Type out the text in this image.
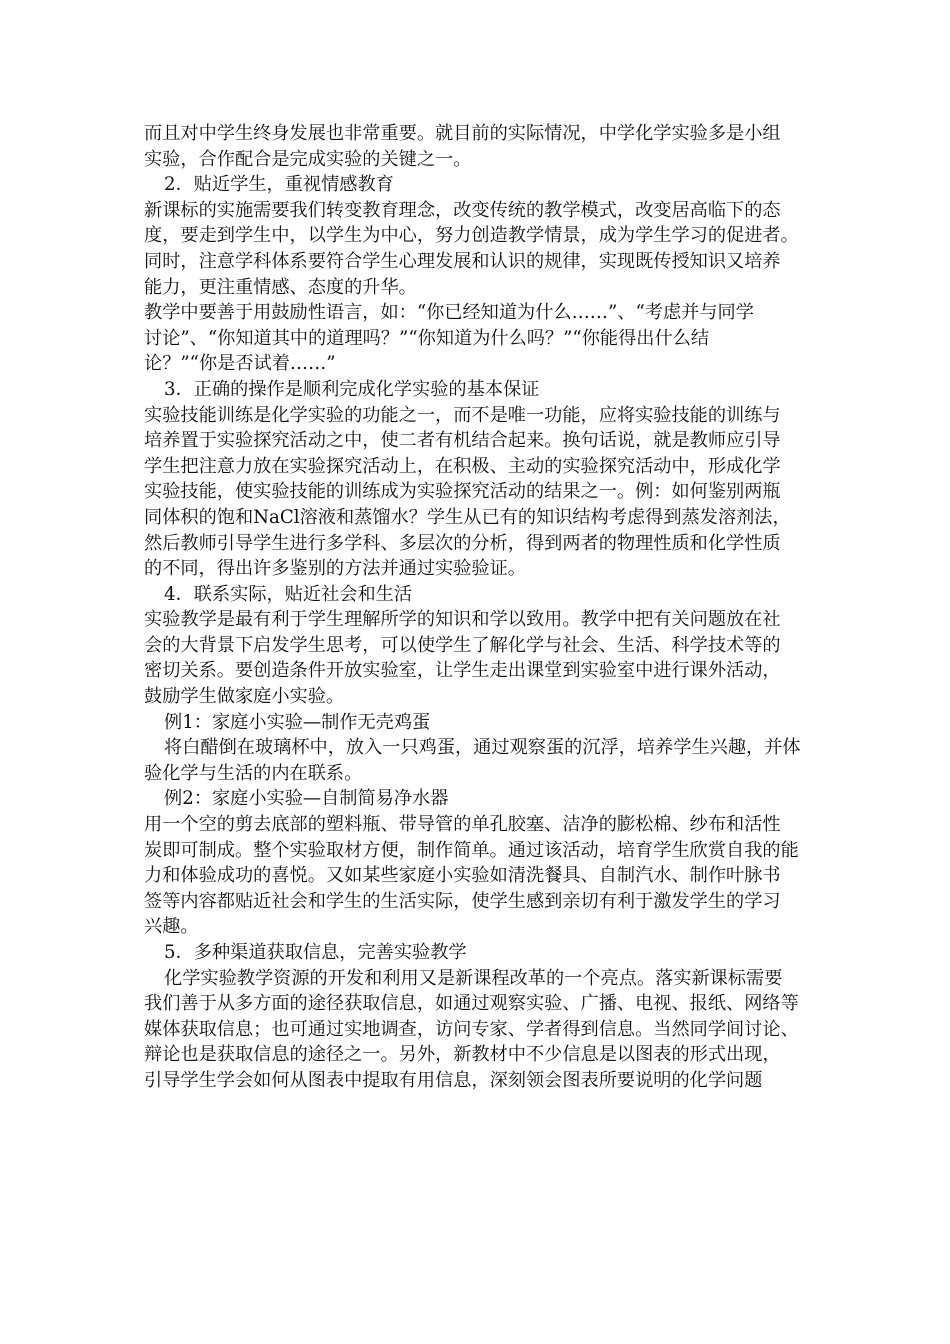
而且对中学生终身发展也非常重要。就目前的实际情况，中学化学实验多是小组
实验，合作配合是完成实验的关键之一。
2．贴近学生，重视情感教育
新课标的实施需要我们转变教育理念，改变传统的教学模式，改变居高临下的态
度，要走到学生中，以学生为中心，努力创造教学情景，成为学生学习的促进者。
同时，注意学科体系要符合学生心理发展和认识的规律，实现既传授知识又培养
能力，更注重情感、态度的升华。
教学中要善于用鼓励性语言，如：“你已经知道为什么……”、“考虑并与同学
讨论”、“你知道其中的道理吗？”“你知道为什么吗？”“你能得出什么结
论？”“你是否试着……”
3．正确的操作是顺利完成化学实验的基本保证
实验技能训练是化学实验的功能之一，而不是唯一功能，应将实验技能的训练与
培养置于实验探究活动之中，使二者有机结合起来。换句话说，就是教师应引导
学生把注意力放在实验探究活动上，在积极、主动的实验探究活动中，形成化学
实验技能，使实验技能的训练成为实验探究活动的结果之一。例：如何鉴别两瓶
同体积的饱和NaCl溶液和蒸馏水？学生从已有的知识结构考虑得到蒸发溶剂法，
然后教师引导学生进行多学科、多层次的分析，得到两者的物理性质和化学性质
的不同，得出许多鉴别的方法并通过实验验证。
4．联系实际，贴近社会和生活
实验教学是最有利于学生理解所学的知识和学以致用。教学中把有关问题放在社
会的大背景下启发学生思考，可以使学生了解化学与社会、生活、科学技术等的
密切关系。要创造条件开放实验室，让学生走出课堂到实验室中进行课外活动，
鼓励学生做家庭小实验。
例1：家庭小实验—制作无壳鸡蛋
将白醋倒在玻璃杯中，放入一只鸡蛋，通过观察蛋的沉浮，培养学生兴趣，并体
验化学与生活的内在联系。
例2：家庭小实验—自制简易净水器
用一个空的剪去底部的塑料瓶、带导管的单孔胶塞、洁净的膨松棉、纱布和活性
炭即可制成。整个实验取材方便，制作简单。通过该活动，培育学生欣赏自我的能
力和体验成功的喜悦。又如某些家庭小实验如清洗餐具、自制汽水、制作叶脉书
签等内容都贴近社会和学生的生活实际，使学生感到亲切有利于激发学生的学习
兴趣。
5．多种渠道获取信息，完善实验教学
化学实验教学资源的开发和利用又是新课程改革的一个亮点。落实新课标需要
我们善于从多方面的途径获取信息，如通过观察实验、广播、电视、报纸、网络等
媒体获取信息；也可通过实地调查，访问专家、学者得到信息。当然同学间讨论、
辩论也是获取信息的途径之一。另外，新教材中不少信息是以图表的形式出现，
引导学生学会如何从图表中提取有用信息，深刻领会图表所要说明的化学问题
